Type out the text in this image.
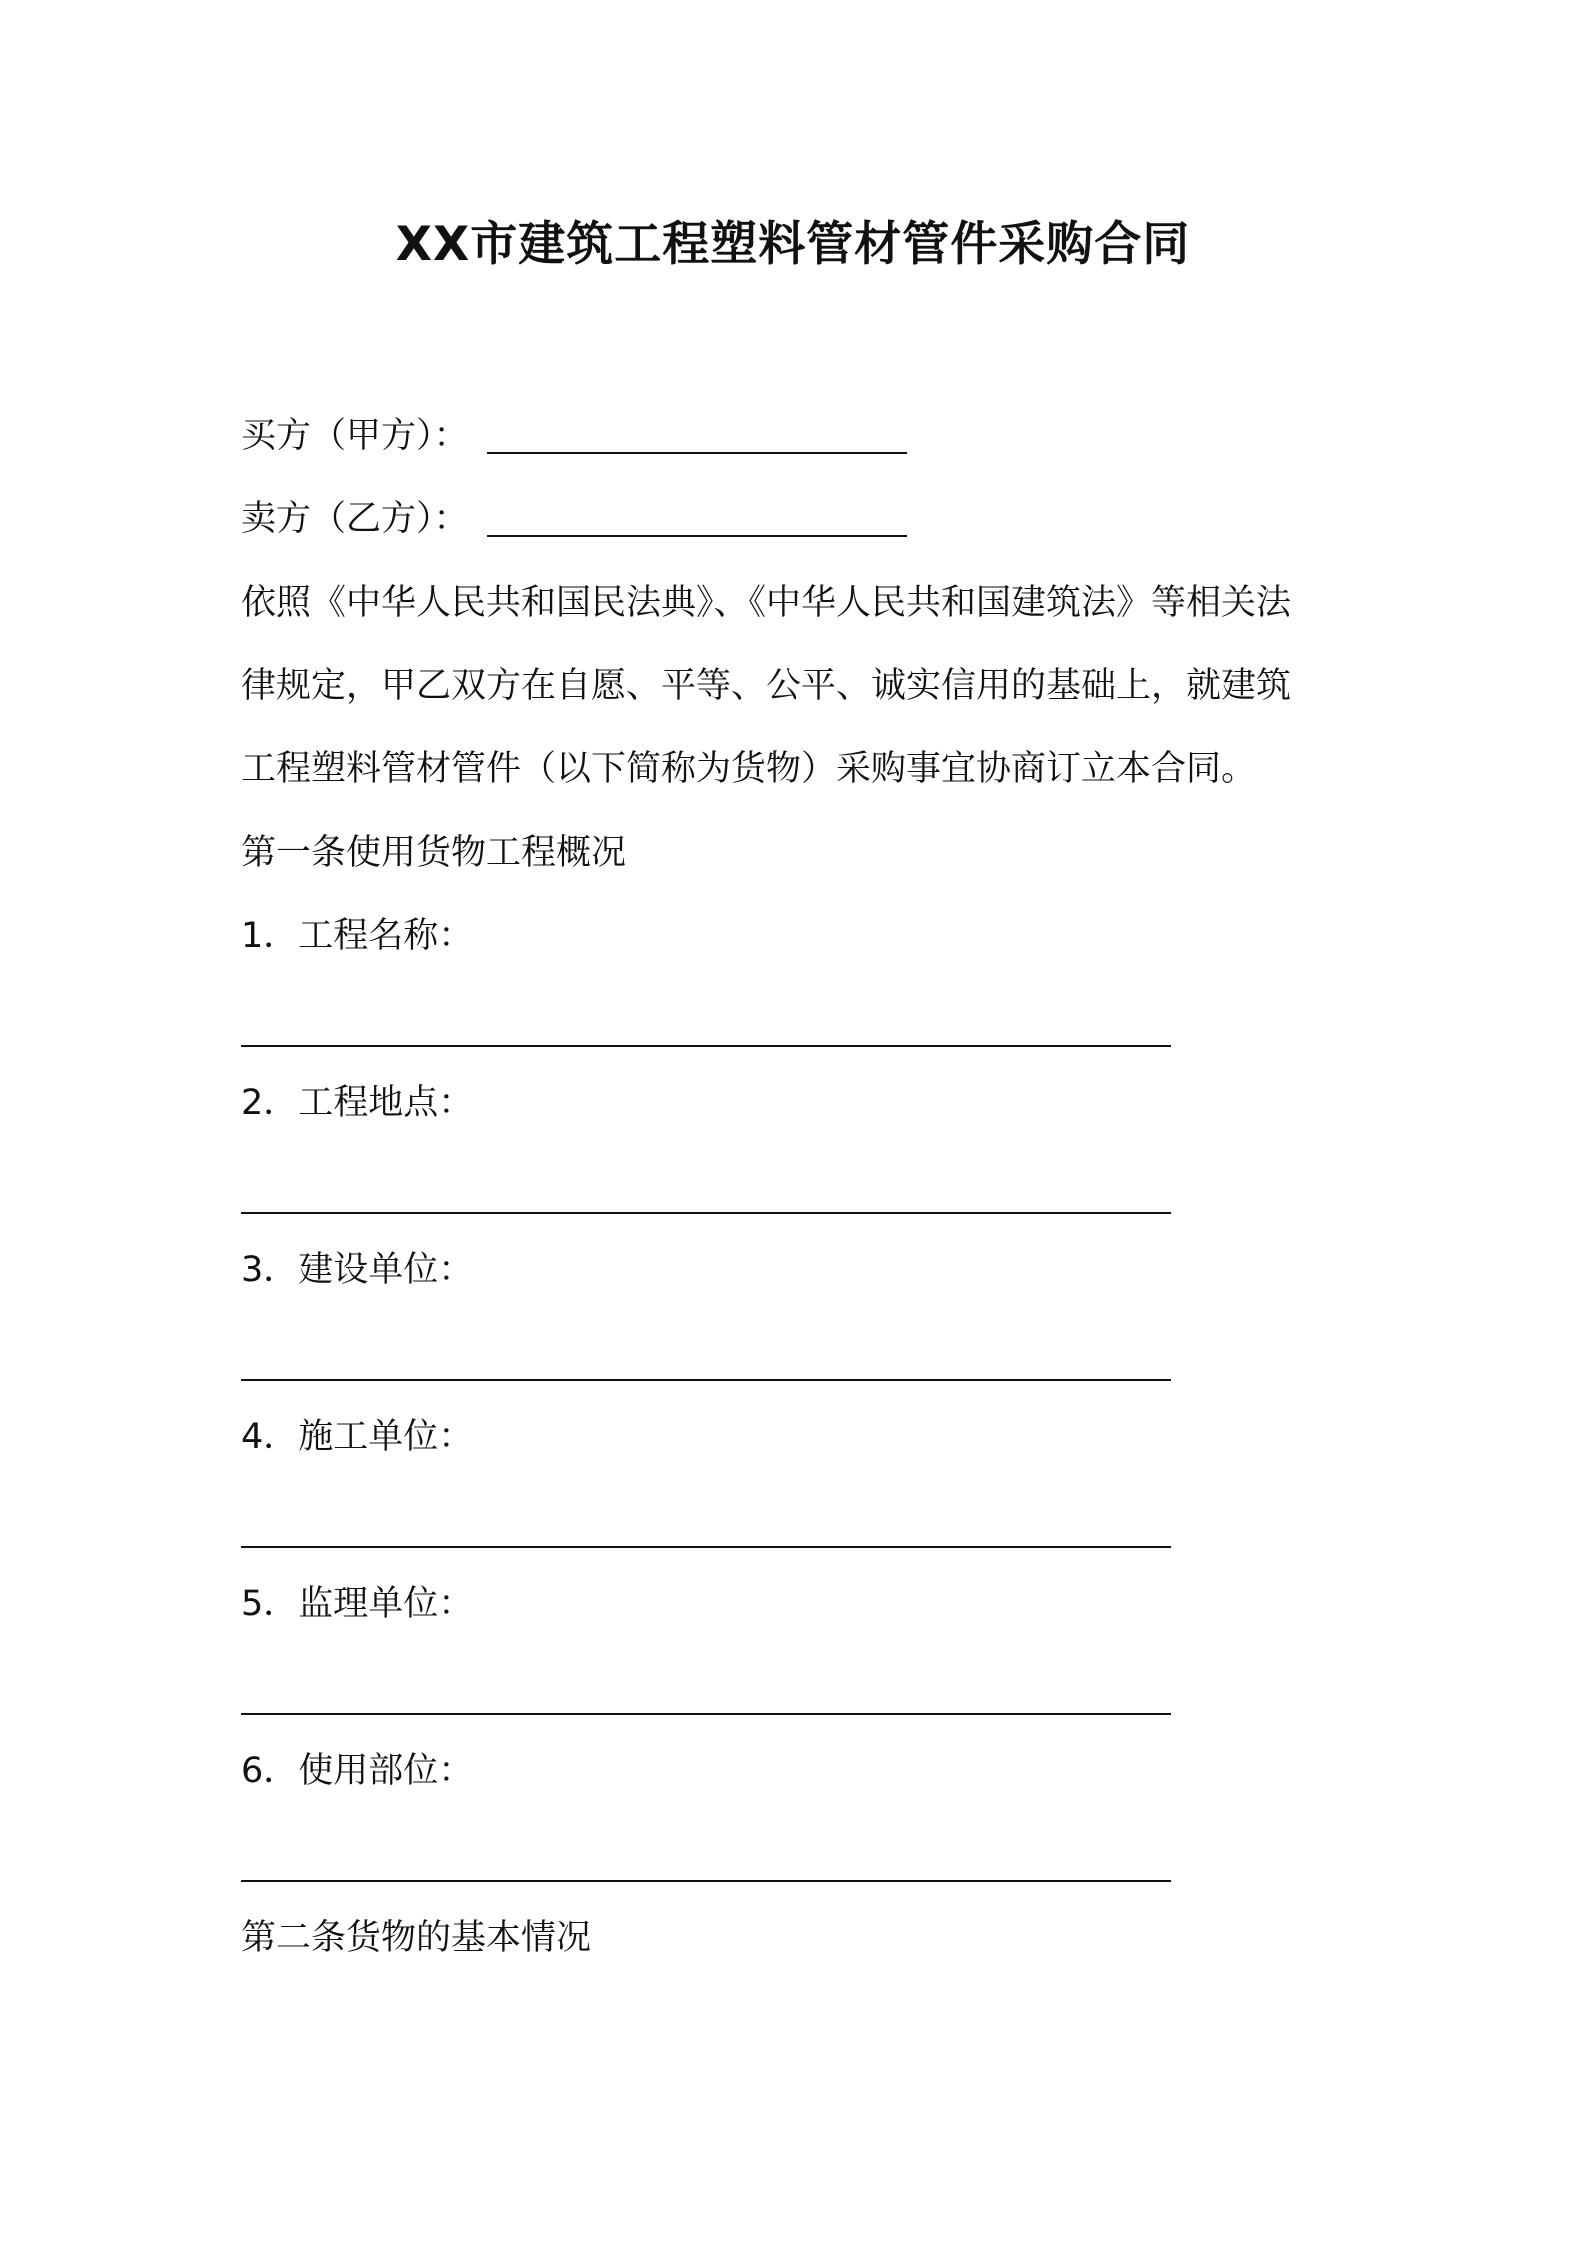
XX市建筑工程塑料管材管件采购合同
买方（甲方）：
卖方（乙方）：
依照《中华人民共和国民法典》、《中华人民共和国建筑法》等相关法
律规定，甲乙双方在自愿、平等、公平、诚实信用的基础上，就建筑
工程塑料管材管件（以下简称为货物）采购事宜协商订立本合同。
第一条使用货物工程概况
1．工程名称：
2．工程地点：
3．建设单位：
4．施工单位：
5．监理单位：
6．使用部位：
第二条货物的基本情况
